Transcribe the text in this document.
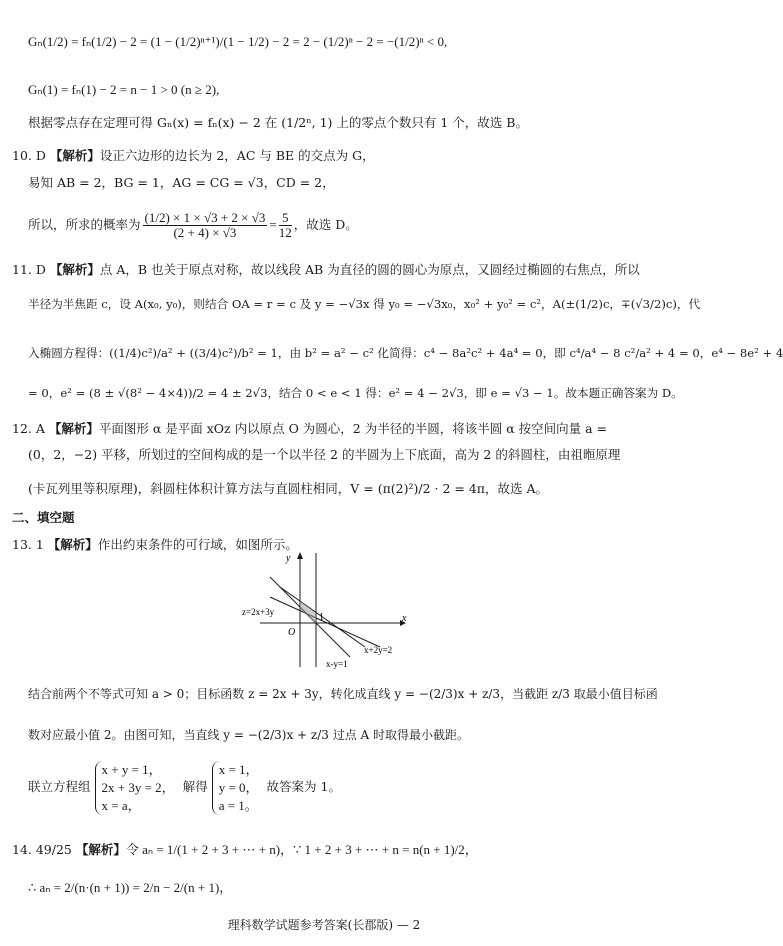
Gₙ(1/2) = fₙ(1/2) − 2 = (1 − (1/2)ⁿ⁺¹)/(1 − 1/2) − 2 = 2 − (1/2)ⁿ − 2 = −(1/2)ⁿ < 0,
Gₙ(1) = fₙ(1) − 2 = n − 1 > 0 (n ≥ 2),
根据零点存在定理可得 Gₙ(x) = fₙ(x) − 2 在 (1/2ⁿ, 1) 上的零点个数只有 1 个，故选 B。
10. D 【解析】设正六边形的边长为 2，AC 与 BE 的交点为 G，
易知 AB = 2，BG = 1，AG = CG = √3，CD = 2，
所以，所求的概率为 $\frac{(1/2) \times 1 \times √3 + 2 \times √3}{(2 + 4) \times √3} = \frac{5}{12}$ ，故选 D。
11. D 【解析】点 A，B 也关于原点对称，故以线段 AB 为直径的圆的圆心为原点，又圆经过椭圆的右焦点，所以
半径为半焦距 c，设 A(x₀, y₀)，则结合 OA = r = c 及 y = −√3x 得 y₀ = −√3x₀，x₀² + y₀² = c²，A(±(1/2)c，∓(√3/2)c)，代
入椭圆方程得：((1/4)c²)/a² + ((3/4)c²)/b² = 1，由 b² = a² − c² 化简得：c⁴ − 8a²c² + 4a⁴ = 0，即 c⁴/a⁴ − 8 c²/a² + 4 = 0，e⁴ − 8e² + 4
= 0，e² = (8 ± √(8² − 4×4))/2 = 4 ± 2√3，结合 0 < e < 1 得：e² = 4 − 2√3，即 e = √3 − 1。故本题正确答案为 D。
12. A 【解析】平面图形 α 是平面 xOz 内以原点 O 为圆心，2 为半径的半圆，将该半圆 α 按空间向量 a =
(0，2，−2) 平移，所划过的空间构成的是一个以半径 2 的半圆为上下底面，高为 2 的斜圆柱，由祖暅原理
(卡瓦列里等积原理)，斜圆柱体积计算方法与直圆柱相同，V = (π(2)²)/2 · 2 = 4π，故选 A。
二、填空题
13. 1 【解析】作出约束条件的可行域，如图所示。
x
y
O
1
z=2x+3y
x+2y=2
x-y=1
结合前两个不等式可知 a > 0；目标函数 z = 2x + 3y，转化成直线 y = −(2/3)x + z/3，当截距 z/3 取最小值目标函
数对应最小值 2。由图可知，当直线 y = −(2/3)x + z/3 过点 A 时取得最小截距。
联立方程组
x + y = 1，
2x + 3y = 2，
x = a，
解得
x = 1，
y = 0，
a = 1。
故答案为 1。
14. 49/25 【解析】令 aₙ = 1/(1 + 2 + 3 + ⋯ + n)，∵ 1 + 2 + 3 + ⋯ + n = n(n + 1)/2，
∴ aₙ = 2/(n·(n + 1)) = 2/n − 2/(n + 1)，
理科数学试题参考答案(长郡版) — 2
